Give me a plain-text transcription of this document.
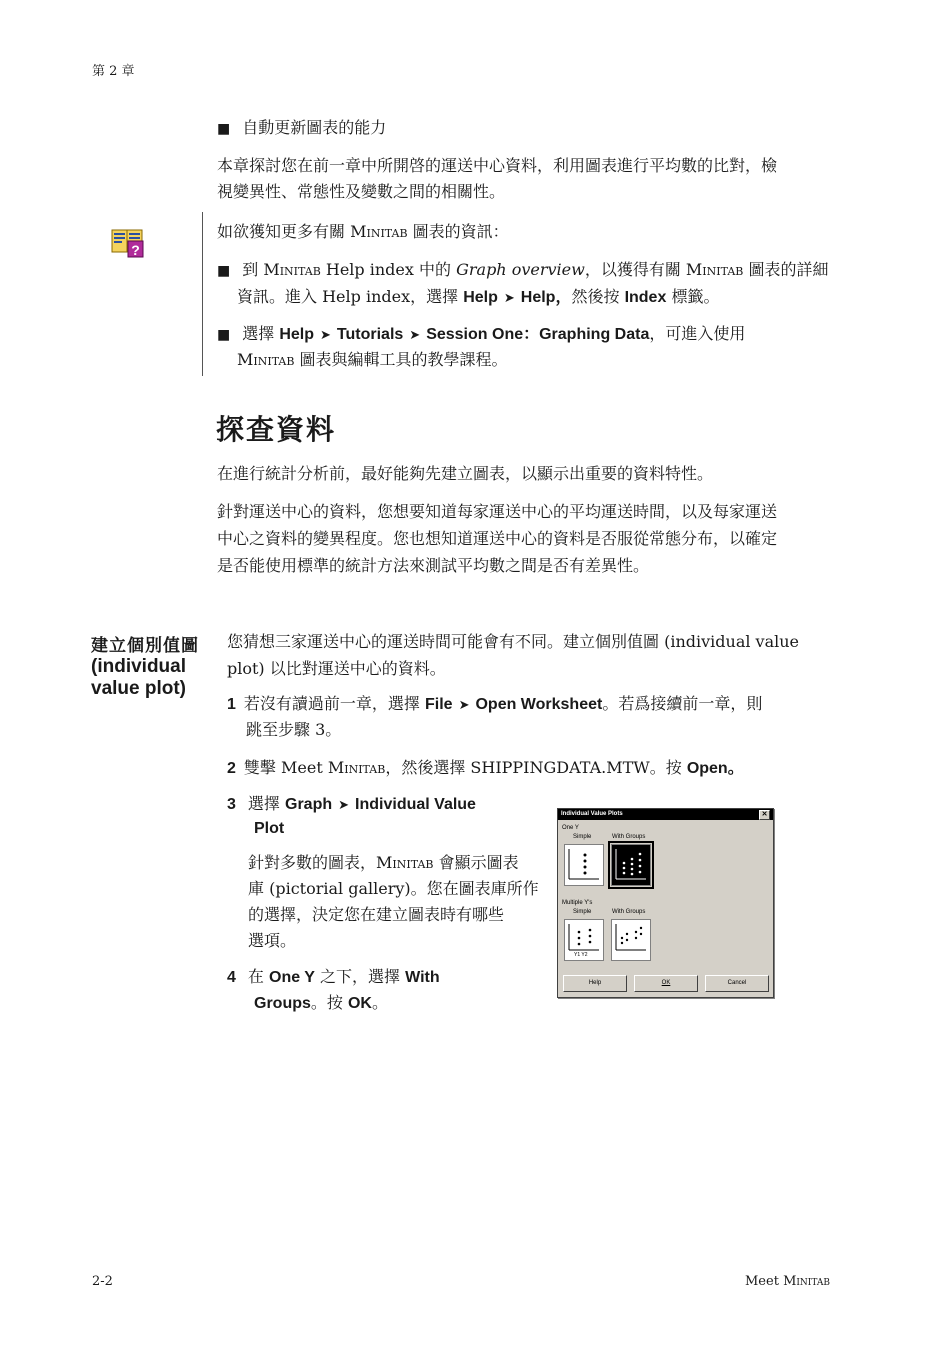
第 2 章
■ 自動更新圖表的能力
本章探討您在前一章中所開啓的運送中心資料，利用圖表進行平均數的比對，檢
視變異性、常態性及變數之間的相關性。
?
如欲獲知更多有關 Minitab 圖表的資訊：
■ 到 Minitab Help index 中的 Graph overview，以獲得有關 Minitab 圖表的詳細
資訊。進入 Help index，選擇 Help ➤ Help，然後按 Index 標籤。
■ 選擇 Help ➤ Tutorials ➤ Session One：Graphing Data，可進入使用
Minitab 圖表與編輯工具的教學課程。
探查資料
在進行統計分析前，最好能夠先建立圖表，以顯示出重要的資料特性。
針對運送中心的資料，您想要知道每家運送中心的平均運送時間，以及每家運送
中心之資料的變異程度。您也想知道運送中心的資料是否服從常態分布，以確定
是否能使用標準的統計方法來測試平均數之間是否有差異性。
建立個別值圖
(individual
value plot)
您猜想三家運送中心的運送時間可能會有不同。建立個別值圖 (individual value
plot) 以比對運送中心的資料。
1 若沒有讀過前一章，選擇 File ➤ Open Worksheet。若爲接續前一章，則
跳至步驟 3。
2 雙擊 Meet Minitab，然後選擇 SHIPPINGDATA.MTW。按 Open。
3 選擇 Graph ➤ Individual Value
Plot
針對多數的圖表，Minitab 會顯示圖表
庫 (pictorial gallery)。您在圖表庫所作
的選擇，決定您在建立圖表時有哪些
選項。
4 在 One Y 之下，選擇 With
Groups。按 OK。
Individual Value Plots	✕
One Y
Simple	With Groups
Multiple Y's
Simple	With Groups
Y1 Y2
Help	OK	Cancel
2-2	Meet Minitab
